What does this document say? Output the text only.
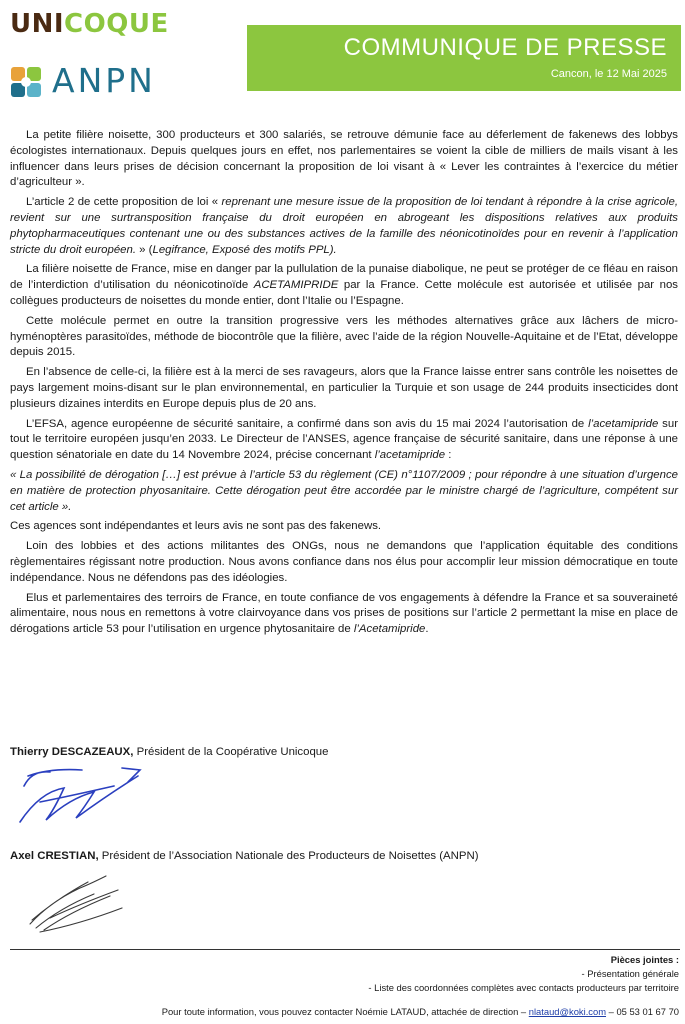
UNICOQUE
ANPN
COMMUNIQUE DE PRESSE
Cancon, le 12 Mai 2025

La petite filière noisette, 300 producteurs et 300 salariés, se retrouve démunie face au déferlement de fakenews des lobbys écologistes internationaux. Depuis quelques jours en effet, nos parlementaires se voient la cible de milliers de mails visant à les influencer dans leurs prises de décision concernant la proposition de loi visant à « Lever les contraintes à l’exercice du métier d’agriculteur ».

L’article 2 de cette proposition de loi « reprenant une mesure issue de la proposition de loi tendant à répondre à la crise agricole, revient sur une surtransposition française du droit européen en abrogeant les dispositions relatives aux produits phytopharmaceutiques contenant une ou des substances actives de la famille des néonicotinoïdes pour en revenir à l’application stricte du droit européen. » (Legifrance, Exposé des motifs PPL).

La filière noisette de France, mise en danger par la pullulation de la punaise diabolique, ne peut se protéger de ce fléau en raison de l’interdiction d’utilisation du néonicotinoïde ACETAMIPRIDE par la France. Cette molécule est autorisée et utilisée par nos collègues producteurs de noisettes du monde entier, dont l’Italie ou l’Espagne.

Cette molécule permet en outre la transition progressive vers les méthodes alternatives grâce aux lâchers de micro-hyménoptères parasitoïdes, méthode de biocontrôle que la filière, avec l’aide de la région Nouvelle-Aquitaine et de l’Etat, développe depuis 2015.

En l’absence de celle-ci, la filière est à la merci de ses ravageurs, alors que la France laisse entrer sans contrôle les noisettes de pays largement moins-disant sur le plan environnemental, en particulier la Turquie et son usage de 244 produits insecticides dont plusieurs dizaines interdits en Europe depuis plus de 20 ans.

L’EFSA, agence européenne de sécurité sanitaire, a confirmé dans son avis du 15 mai 2024 l’autorisation de l’acetamipride sur tout le territoire européen jusqu’en 2033. Le Directeur de l’ANSES, agence française de sécurité sanitaire, dans une réponse à une question sénatoriale en date du 14 Novembre 2024, précise concernant l’acetamipride :

« La possibilité de dérogation […] est prévue à l’article 53 du règlement (CE) n°1107/2009 ; pour répondre à une situation d’urgence en matière de protection phyosanitaire. Cette dérogation peut être accordée par le ministre chargé de l’agriculture, compétent sur cet article ».

Ces agences sont indépendantes et leurs avis ne sont pas des fakenews.

Loin des lobbies et des actions militantes des ONGs, nous ne demandons que l’application équitable des conditions règlementaires régissant notre production. Nous avons confiance dans nos élus pour accomplir leur mission démocratique en toute indépendance. Nous ne défendons pas des idéologies.

Elus et parlementaires des terroirs de France, en toute confiance de vos engagements à défendre la France et sa souveraineté alimentaire, nous nous en remettons à votre clairvoyance dans vos prises de positions sur l’article 2 permettant la mise en place de dérogations article 53 pour l’utilisation en urgence phytosanitaire de l’Acetamipride.

Thierry DESCAZEAUX, Président de la Coopérative Unicoque
Axel CRESTIAN, Président de l’Association Nationale des Producteurs de Noisettes (ANPN)
Pièces jointes :
- Présentation générale
- Liste des coordonnées complètes avec contacts producteurs par territoire
Pour toute information, vous pouvez contacter Noémie LATAUD, attachée de direction – nlataud@koki.com – 05 53 01 67 70
